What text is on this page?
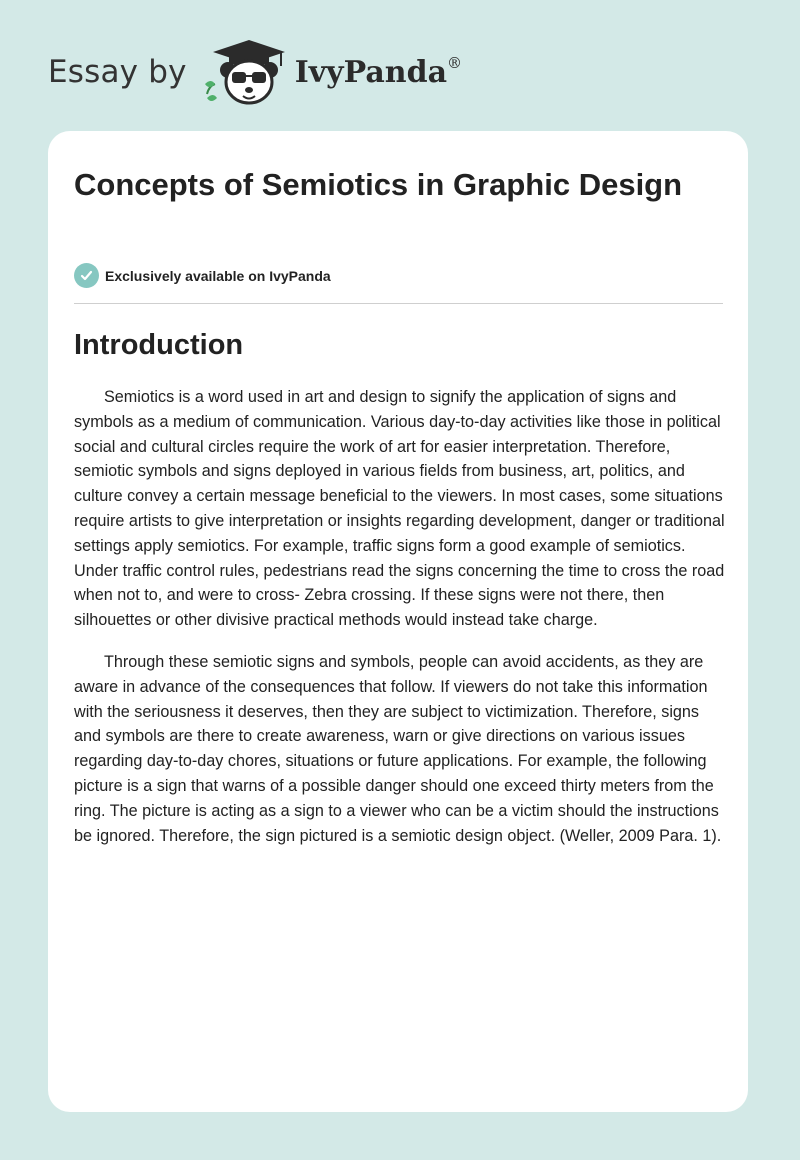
Essay by	IvyPanda®
Concepts of Semiotics in Graphic Design
Exclusively available on IvyPanda
Introduction

Semiotics is a word used in art and design to signify the application of signs and symbols as a medium of communication. Various day-to-day activities like those in political social and cultural circles require the work of art for easier interpretation. Therefore, semiotic symbols and signs deployed in various fields from business, art, politics, and culture convey a certain message beneficial to the viewers. In most cases, some situations require artists to give interpretation or insights regarding development, danger or traditional settings apply semiotics. For example, traffic signs form a good example of semiotics. Under traffic control rules, pedestrians read the signs concerning the time to cross the road when not to, and were to cross- Zebra crossing. If these signs were not there, then silhouettes or other divisive practical methods would instead take charge.

Through these semiotic signs and symbols, people can avoid accidents, as they are aware in advance of the consequences that follow. If viewers do not take this information with the seriousness it deserves, then they are subject to victimization. Therefore, signs and symbols are there to create awareness, warn or give directions on various issues regarding day-to-day chores, situations or future applications. For example, the following picture is a sign that warns of a possible danger should one exceed thirty meters from the ring. The picture is acting as a sign to a viewer who can be a victim should the instructions be ignored. Therefore, the sign pictured is a semiotic design object. (Weller, 2009 Para. 1).
